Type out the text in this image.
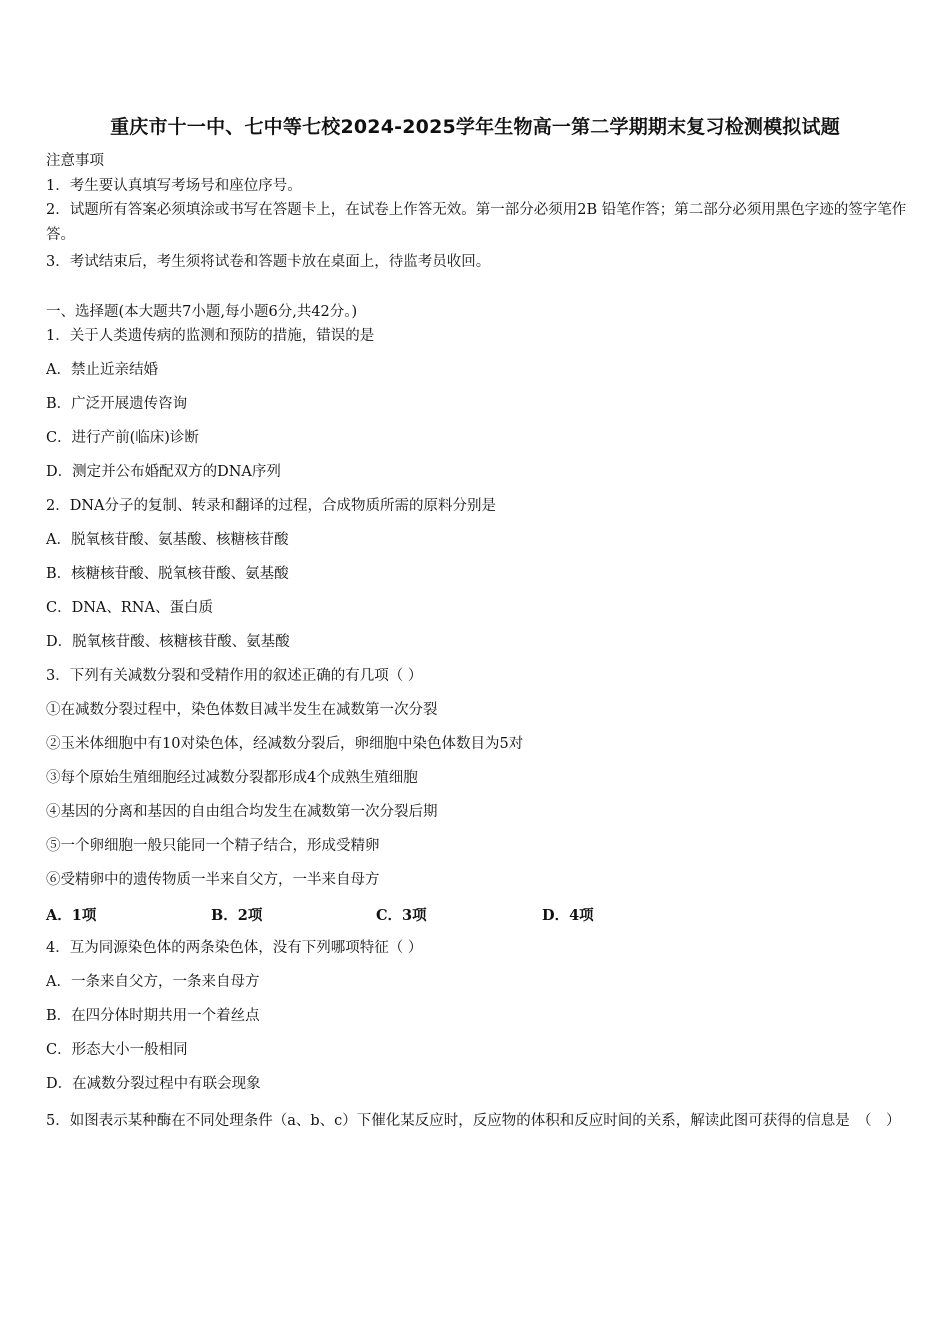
重庆市十一中、七中等七校2024-2025学年生物高一第二学期期末复习检测模拟试题
注意事项
1．考生要认真填写考场号和座位序号。
2．试题所有答案必须填涂或书写在答题卡上，在试卷上作答无效。第一部分必须用2B 铅笔作答；第二部分必须用黑色字迹的签字笔作答。
3．考试结束后，考生须将试卷和答题卡放在桌面上，待监考员收回。
一、选择题(本大题共7小题,每小题6分,共42分。)
1．关于人类遗传病的监测和预防的措施，错误的是
A．禁止近亲结婚
B．广泛开展遗传咨询
C．进行产前(临床)诊断
D．测定并公布婚配双方的DNA序列
2．DNA分子的复制、转录和翻译的过程，合成物质所需的原料分别是
A．脱氧核苷酸、氨基酸、核糖核苷酸
B．核糖核苷酸、脱氧核苷酸、氨基酸
C．DNA、RNA、蛋白质
D．脱氧核苷酸、核糖核苷酸、氨基酸
3．下列有关减数分裂和受精作用的叙述正确的有几项（ ）
①在减数分裂过程中，染色体数目减半发生在减数第一次分裂
②玉米体细胞中有10对染色体，经减数分裂后，卵细胞中染色体数目为5对
③每个原始生殖细胞经过减数分裂都形成4个成熟生殖细胞
④基因的分离和基因的自由组合均发生在减数第一次分裂后期
⑤一个卵细胞一般只能同一个精子结合，形成受精卵
⑥受精卵中的遗传物质一半来自父方，一半来自母方
A．1项	B．2项	C．3项	D．4项
4．互为同源染色体的两条染色体，没有下列哪项特征（ ）
A．一条来自父方，一条来自母方
B．在四分体时期共用一个着丝点
C．形态大小一般相同
D．在减数分裂过程中有联会现象
5．如图表示某种酶在不同处理条件（a、b、c）下催化某反应时，反应物的体积和反应时间的关系，解读此图可获得的信息是　（　）
